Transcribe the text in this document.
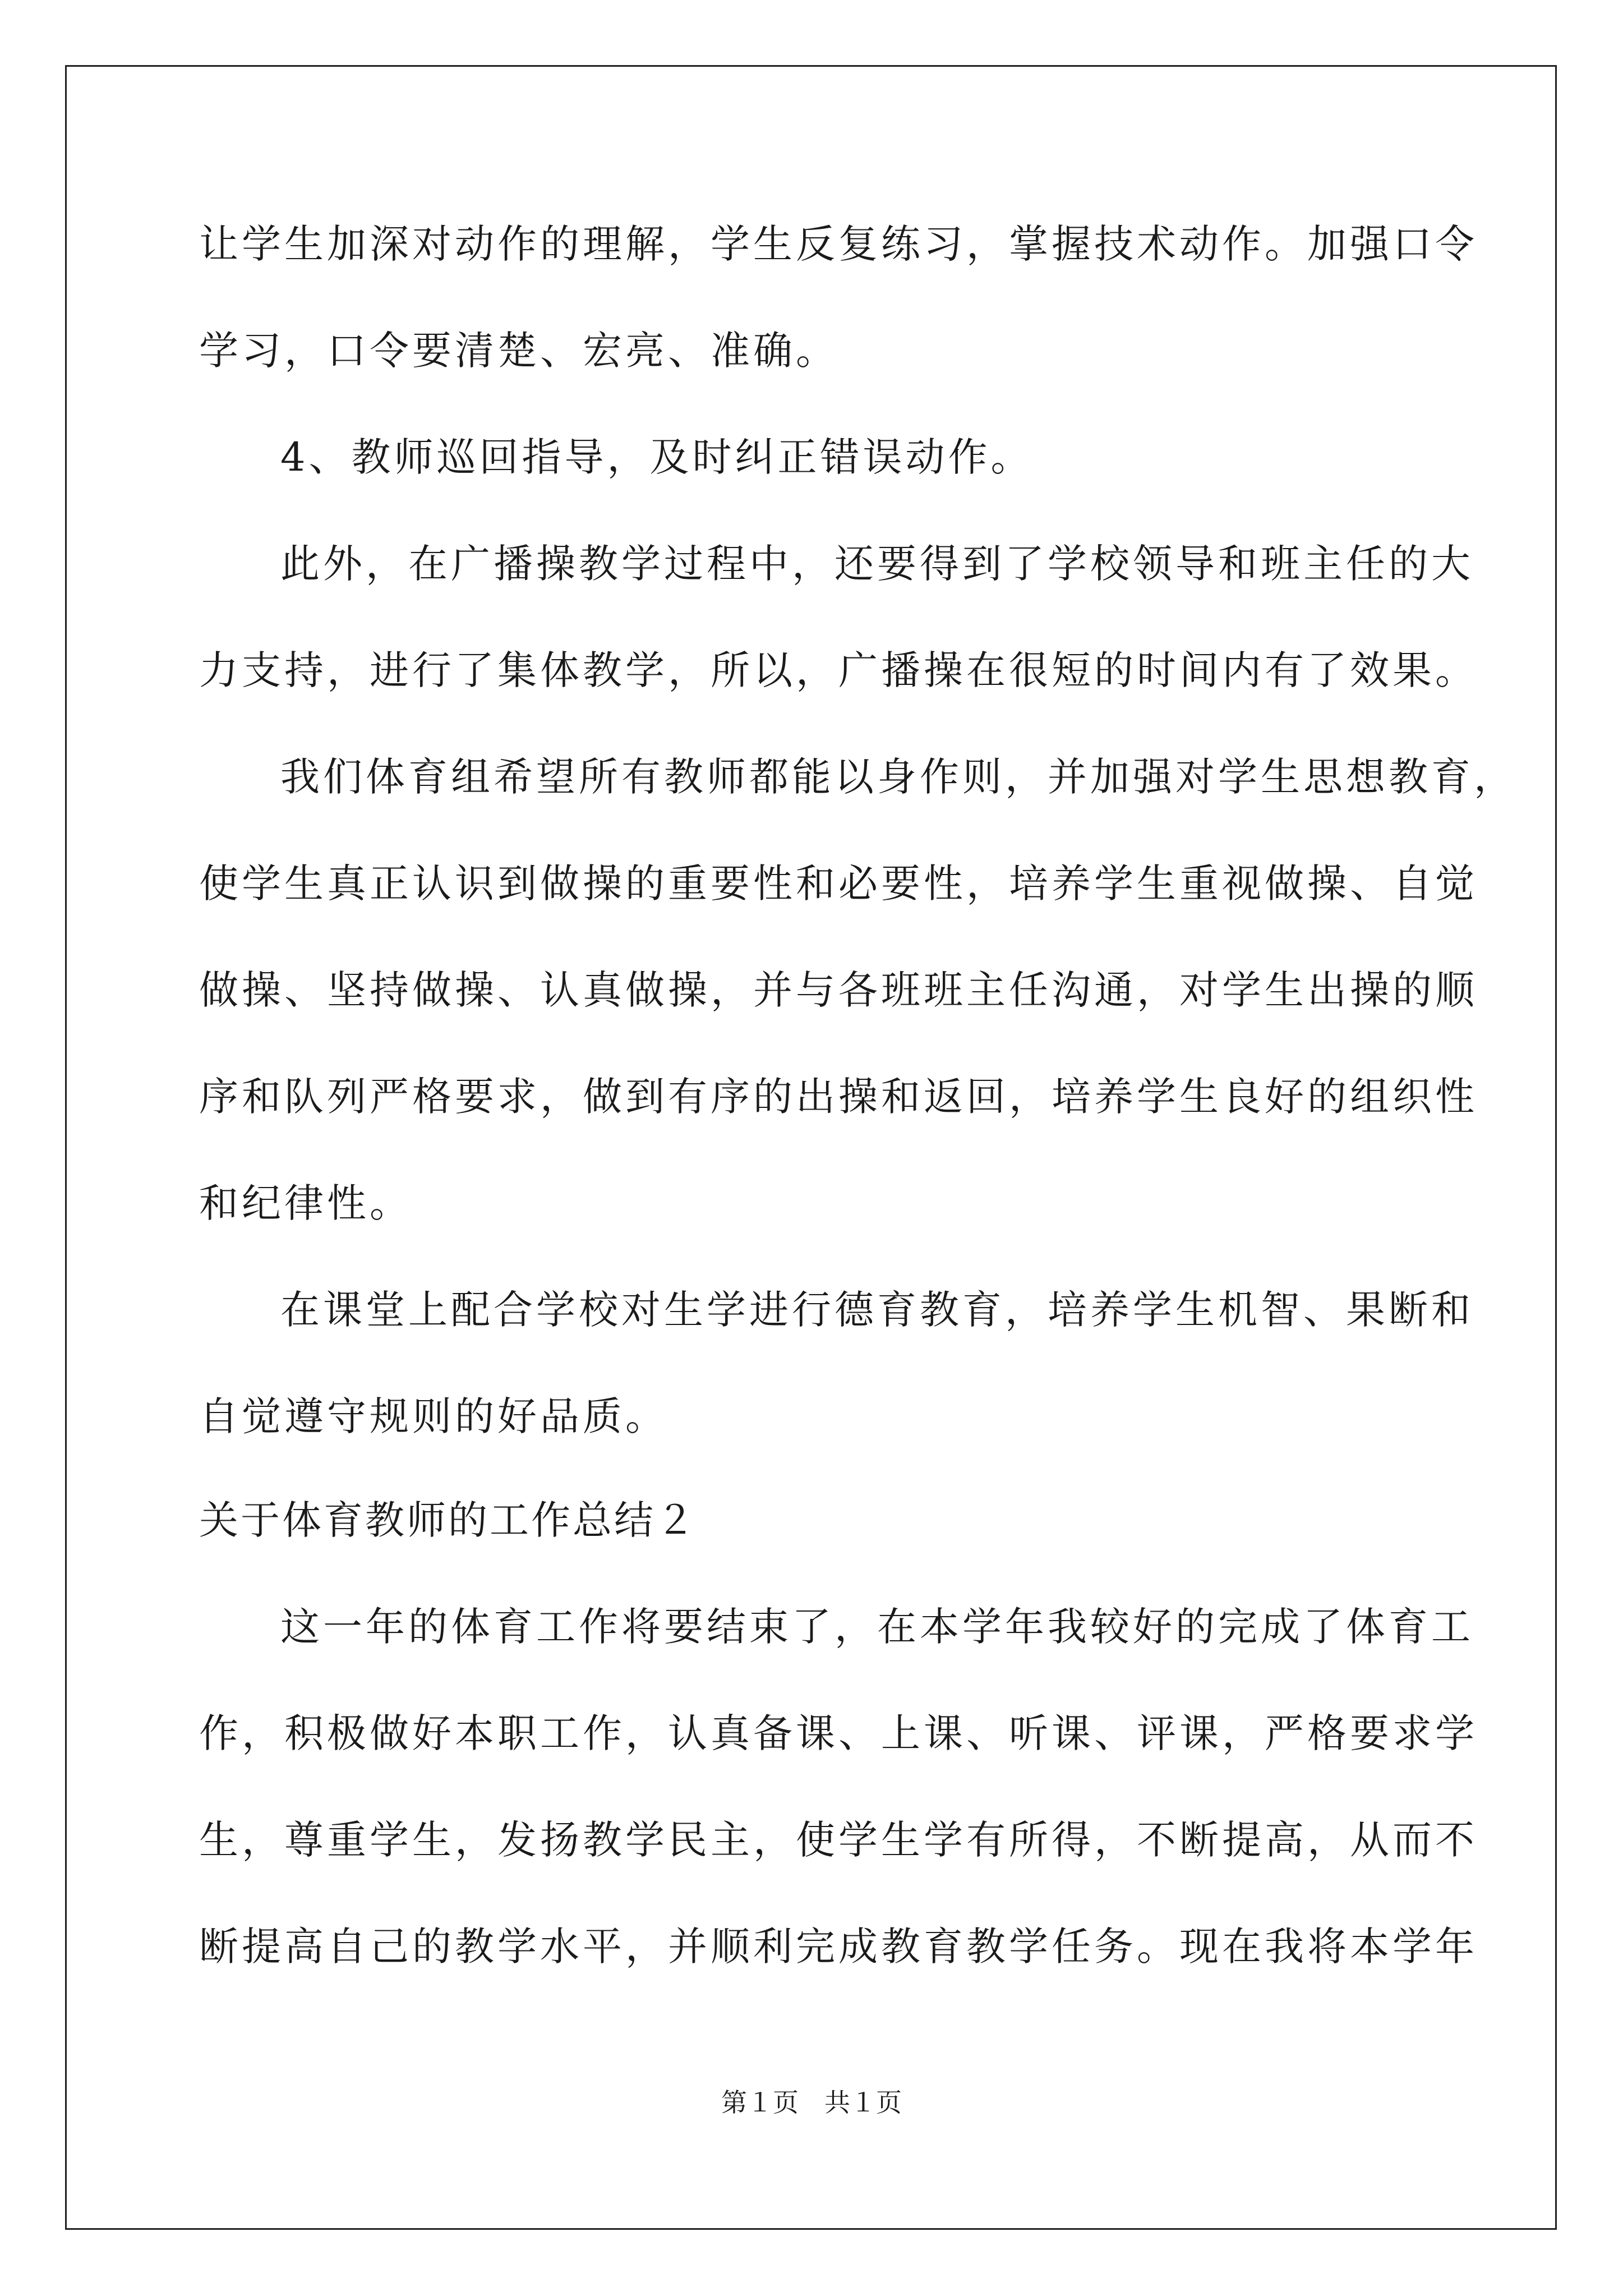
让学生加深对动作的理解，学生反复练习，掌握技术动作。加强口令
学习，口令要清楚、宏亮、准确。
4、教师巡回指导，及时纠正错误动作。
此外，在广播操教学过程中，还要得到了学校领导和班主任的大
力支持，进行了集体教学，所以，广播操在很短的时间内有了效果。
我们体育组希望所有教师都能以身作则，并加强对学生思想教育，
使学生真正认识到做操的重要性和必要性，培养学生重视做操、自觉
做操、坚持做操、认真做操，并与各班班主任沟通，对学生出操的顺
序和队列严格要求，做到有序的出操和返回，培养学生良好的组织性
和纪律性。
在课堂上配合学校对生学进行德育教育，培养学生机智、果断和
自觉遵守规则的好品质。
关于体育教师的工作总结２
这一年的体育工作将要结束了，在本学年我较好的完成了体育工
作，积极做好本职工作，认真备课、上课、听课、评课，严格要求学
生，尊重学生，发扬教学民主，使学生学有所得，不断提高，从而不
断提高自己的教学水平，并顺利完成教育教学任务。现在我将本学年
第１页　共１页
